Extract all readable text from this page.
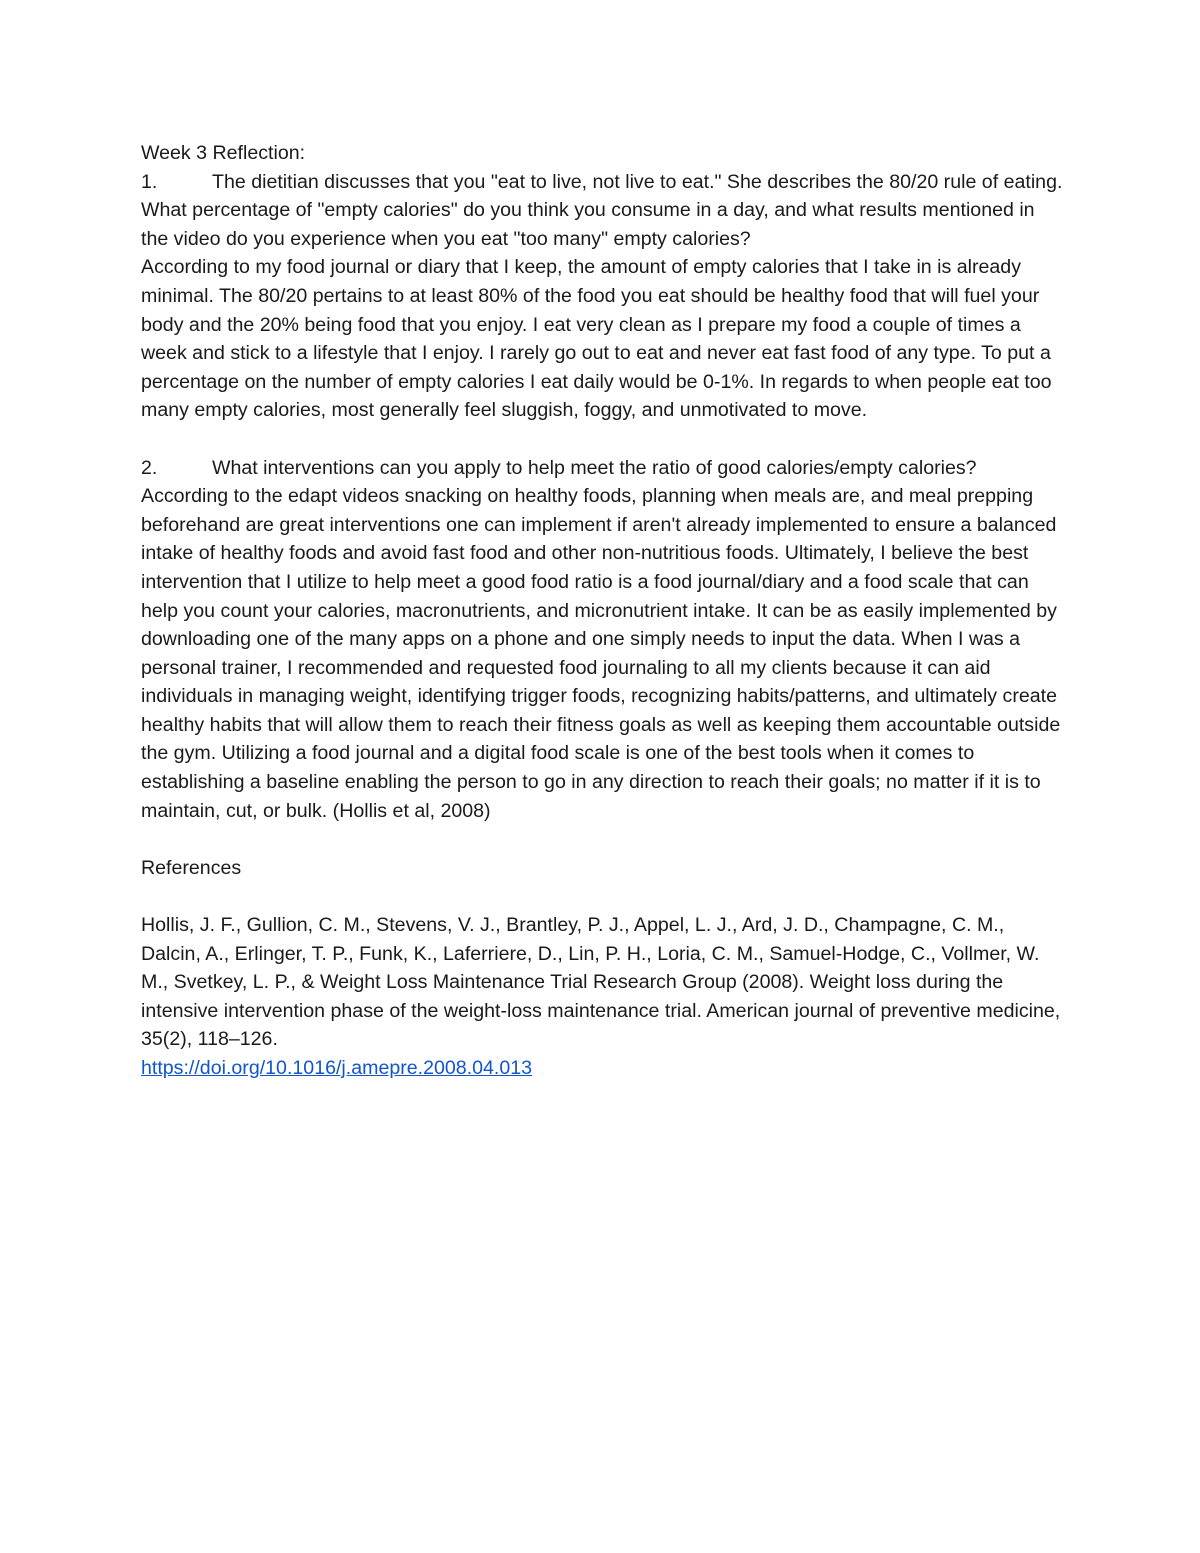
Week 3 Reflection:

1.	The dietitian discusses that you "eat to live, not live to eat." She describes the 80/20 rule of eating. What percentage of "empty calories" do you think you consume in a day, and what results mentioned in the video do you experience when you eat "too many" empty calories?

According to my food journal or diary that I keep, the amount of empty calories that I take in is already minimal. The 80/20 pertains to at least 80% of the food you eat should be healthy food that will fuel your body and the 20% being food that you enjoy. I eat very clean as I prepare my food a couple of times a week and stick to a lifestyle that I enjoy. I rarely go out to eat and never eat fast food of any type. To put a percentage on the number of empty calories I eat daily would be 0-1%. In regards to when people eat too many empty calories, most generally feel sluggish, foggy, and unmotivated to move.

2.	What interventions can you apply to help meet the ratio of good calories/empty calories?

According to the edapt videos snacking on healthy foods, planning when meals are, and meal prepping beforehand are great interventions one can implement if aren't already implemented to ensure a balanced intake of healthy foods and avoid fast food and other non-nutritious foods. Ultimately, I believe the best intervention that I utilize to help meet a good food ratio is a food journal/diary and a food scale that can help you count your calories, macronutrients, and micronutrient intake. It can be as easily implemented by downloading one of the many apps on a phone and one simply needs to input the data. When I was a personal trainer, I recommended and requested food journaling to all my clients because it can aid individuals in managing weight, identifying trigger foods, recognizing habits/patterns, and ultimately create healthy habits that will allow them to reach their fitness goals as well as keeping them accountable outside the gym. Utilizing a food journal and a digital food scale is one of the best tools when it comes to establishing a baseline enabling the person to go in any direction to reach their goals; no matter if it is to maintain, cut, or bulk. (Hollis et al, 2008)

References

Hollis, J. F., Gullion, C. M., Stevens, V. J., Brantley, P. J., Appel, L. J., Ard, J. D., Champagne, C. M., Dalcin, A., Erlinger, T. P., Funk, K., Laferriere, D., Lin, P. H., Loria, C. M., Samuel-Hodge, C., Vollmer, W. M., Svetkey, L. P., & Weight Loss Maintenance Trial Research Group (2008). Weight loss during the intensive intervention phase of the weight-loss maintenance trial. American journal of preventive medicine, 35(2), 118–126.

https://doi.org/10.1016/j.amepre.2008.04.013
